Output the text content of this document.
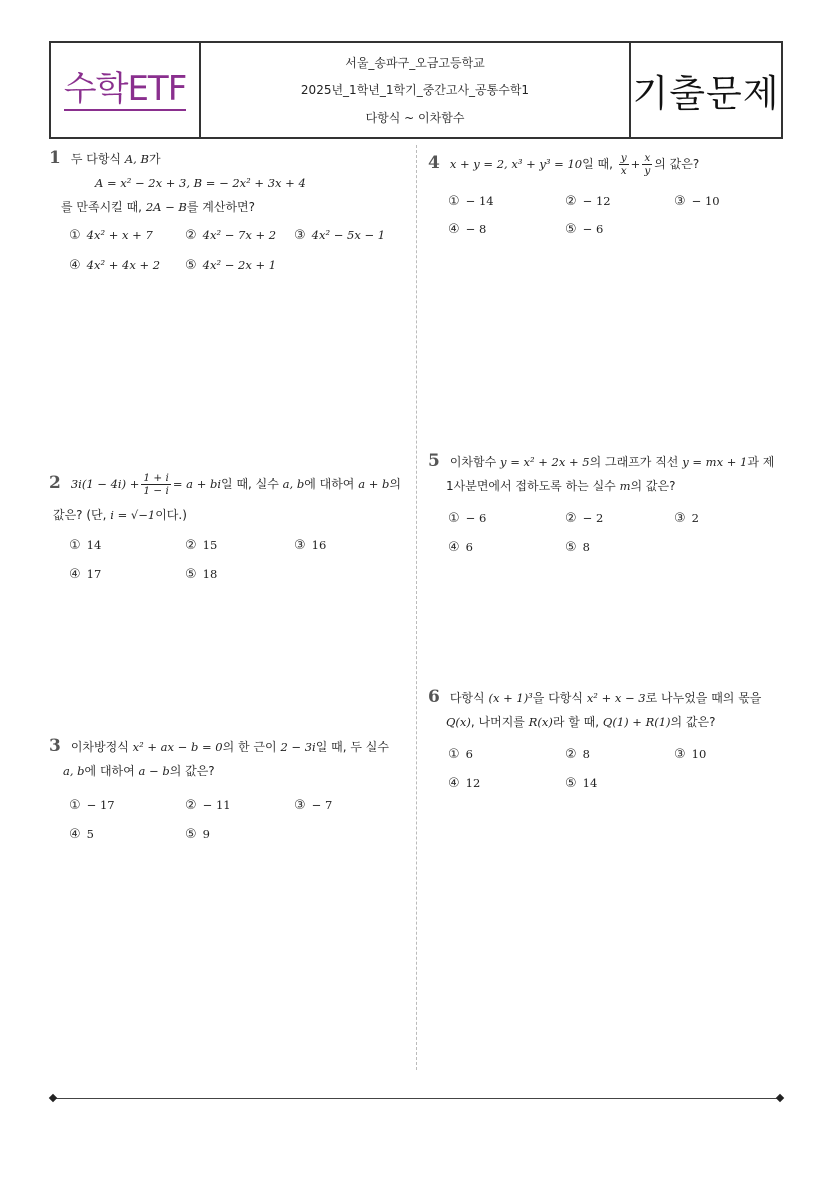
수학ETF
서울_송파구_오금고등학교
2025년_1학년_1학기_중간고사_공통수학1
다항식 ~ 이차함수
기출문제
1 두 다항식 A, B가
A = x² − 2x + 3, B = − 2x² + 3x + 4
를 만족시킬 때, 2A − B를 계산하면?
① 4x² + x + 7 ② 4x² − 7x + 2 ③ 4x² − 5x − 1
④ 4x² + 4x + 2 ⑤ 4x² − 2x + 1
2 $3i(1 - 4i) + \frac{1 + i}{1 - i} = a$ + bi일 때, 실수 a, b에 대하여 a + b의
값은? (단, i = √−1이다.)
① 14	② 15	③ 16
④ 17	⑤ 18
3 이차방정식 x² + ax − b = 0의 한 근이 2 − 3i일 때, 두 실수
a, b에 대하여 a − b의 값은?
① − 17	② − 11	③ − 7
④ 5	⑤ 9
4 x + y = 2, x³ + y³ = 10일 때, $\frac{y}{x} + \frac{x}{y}$ 의 값은?
① − 14	② − 12	③ − 10
④ − 8	⑤ − 6
5 이차함수 y = x² + 2x + 5의 그래프가 직선 y = mx + 1과 제
1사분면에서 접하도록 하는 실수 m의 값은?
① − 6	② − 2	③ 2
④ 6	⑤ 8
6 다항식 (x + 1)³을 다항식 x² + x − 3로 나누었을 때의 몫을
Q(x), 나머지를 R(x)라 할 때, Q(1) + R(1)의 값은?
① 6	② 8	③ 10
④ 12	⑤ 14
